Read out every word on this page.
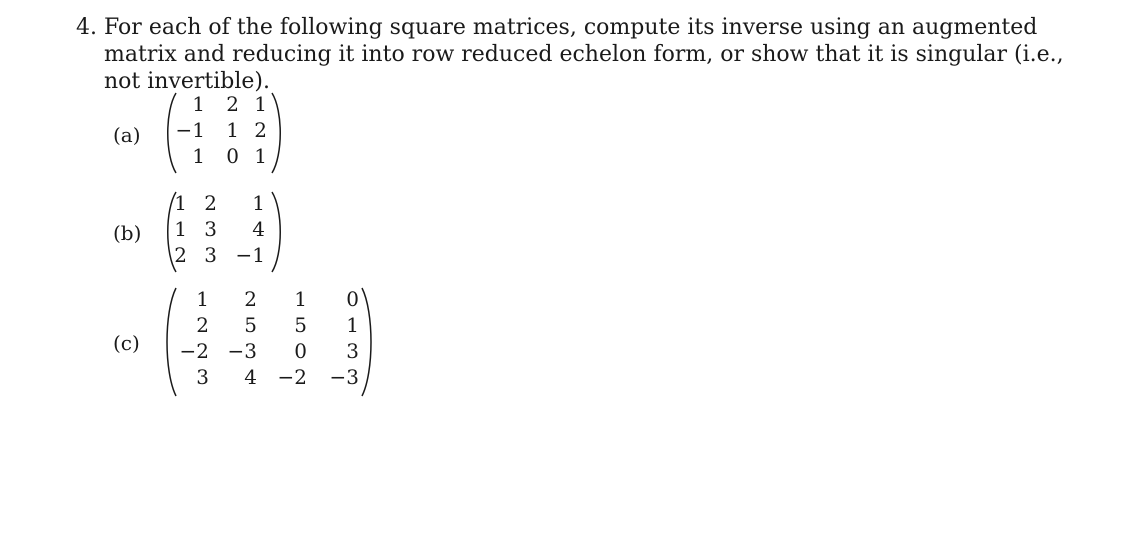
4. For each of the following square matrices, compute its inverse using an augmented matrix and reducing it into row reduced echelon form, or show that it is singular (i.e., not invertible).
(a)
1	2 1
−1	1 2
1	0 1
(b)
1 2	1
1 3	4
2 3 −1
(c)
1	2	1	0
2	5	5	1
−2 −3	0	3
3	4	−2	−3
